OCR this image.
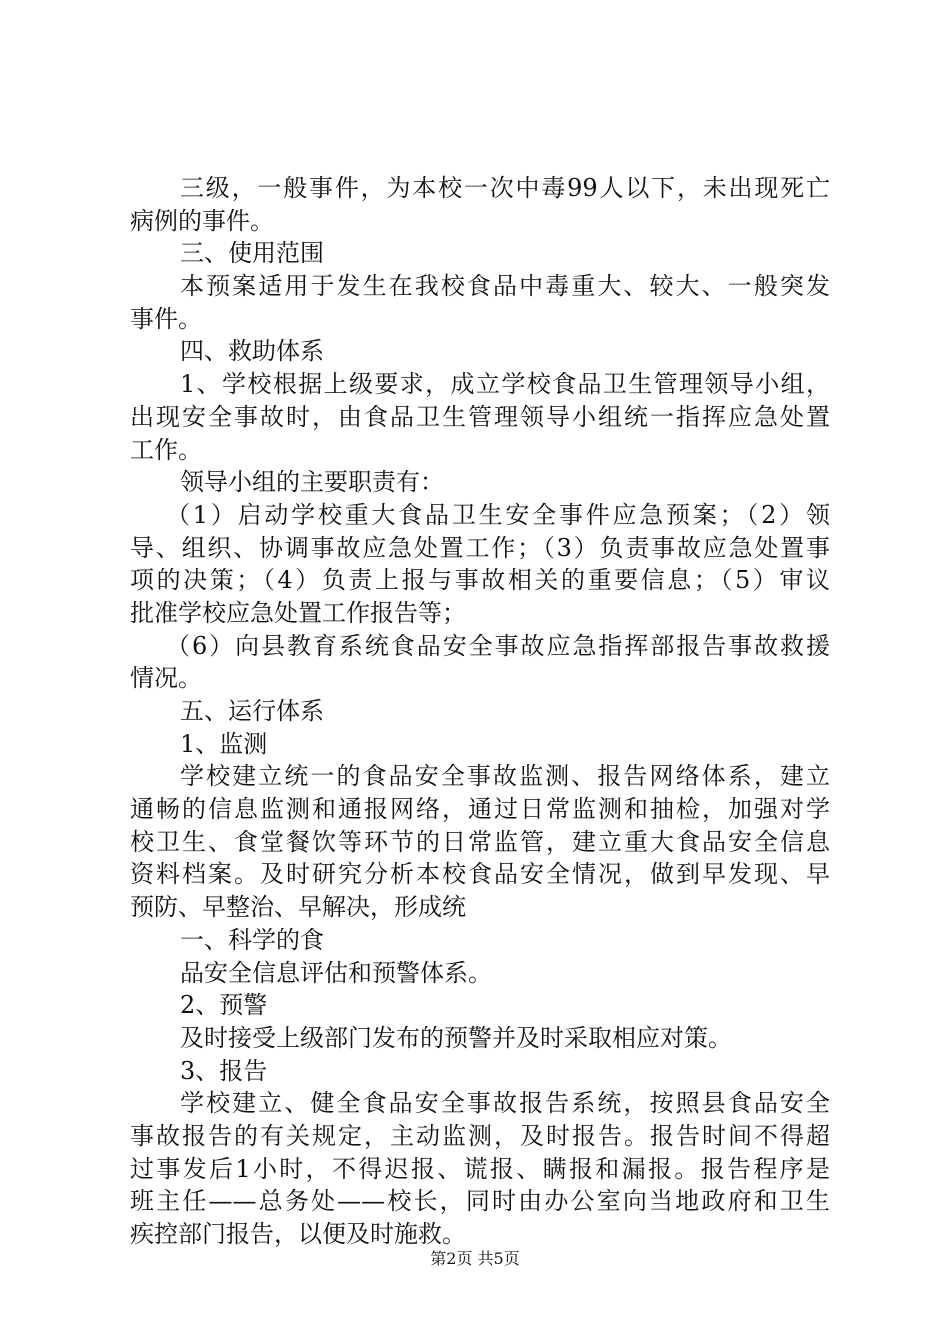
三级，一般事件，为本校一次中毒99人以下，未出现死亡
病例的事件。
三、使用范围
本预案适用于发生在我校食品中毒重大、较大、一般突发
事件。
四、救助体系
1、学校根据上级要求，成立学校食品卫生管理领导小组，
出现安全事故时，由食品卫生管理领导小组统一指挥应急处置
工作。
领导小组的主要职责有：
（1）启动学校重大食品卫生安全事件应急预案；（2）领
导、组织、协调事故应急处置工作；（3）负责事故应急处置事
项的决策；（4）负责上报与事故相关的重要信息；（5）审议
批准学校应急处置工作报告等；
（6）向县教育系统食品安全事故应急指挥部报告事故救援
情况。
五、运行体系
1、监测
学校建立统一的食品安全事故监测、报告网络体系，建立
通畅的信息监测和通报网络，通过日常监测和抽检，加强对学
校卫生、食堂餐饮等环节的日常监管，建立重大食品安全信息
资料档案。及时研究分析本校食品安全情况，做到早发现、早
预防、早整治、早解决，形成统
一、科学的食
品安全信息评估和预警体系。
2、预警
及时接受上级部门发布的预警并及时采取相应对策。
3、报告
学校建立、健全食品安全事故报告系统，按照县食品安全
事故报告的有关规定，主动监测，及时报告。报告时间不得超
过事发后1小时，不得迟报、谎报、瞒报和漏报。报告程序是
班主任——总务处——校长，同时由办公室向当地政府和卫生
疾控部门报告，以便及时施救。
第2页 共5页
